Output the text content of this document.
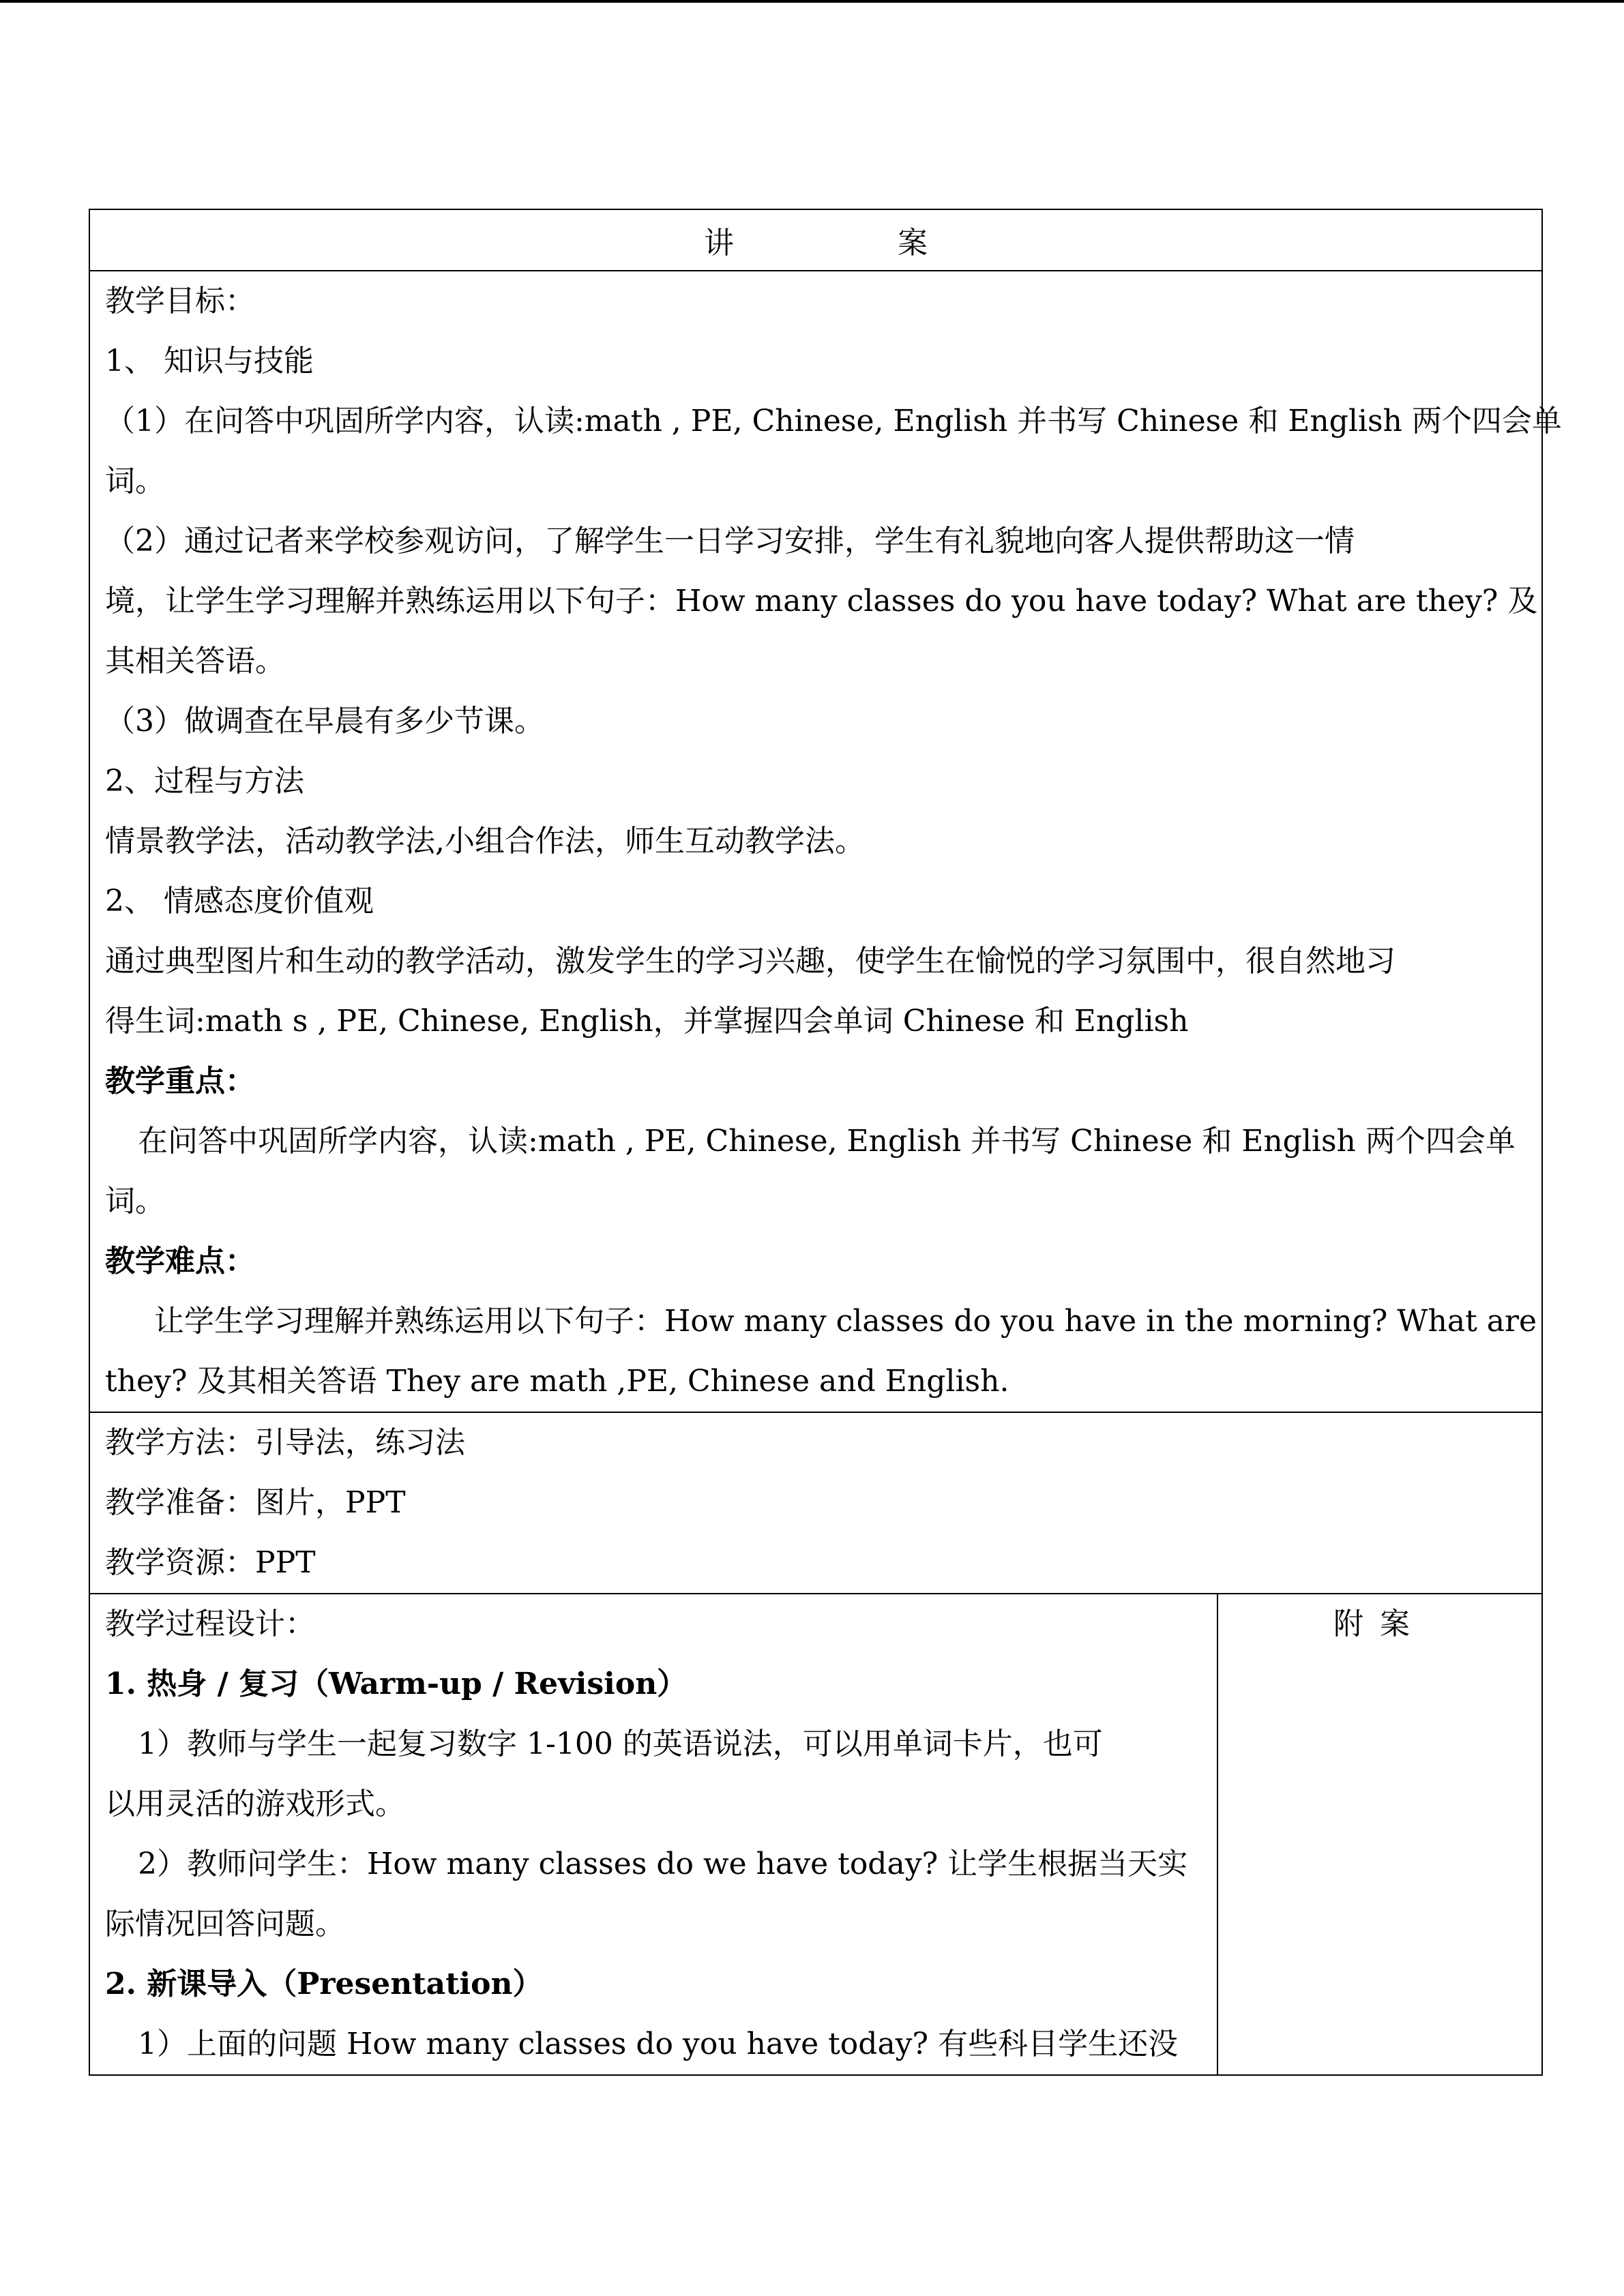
讲	案

教学目标：
1、 知识与技能
（1）在问答中巩固所学内容，认读:math , PE, Chinese, English 并书写 Chinese 和 English 两个四会单
词。
（2）通过记者来学校参观访问，了解学生一日学习安排，学生有礼貌地向客人提供帮助这一情
境，让学生学习理解并熟练运用以下句子：How many classes do you have today? What are they? 及
其相关答语。
（3）做调查在早晨有多少节课。
2、过程与方法
情景教学法，活动教学法,小组合作法，师生互动教学法。
2、 情感态度价值观
通过典型图片和生动的教学活动，激发学生的学习兴趣，使学生在愉悦的学习氛围中，很自然地习
得生词:math s , PE, Chinese, English，并掌握四会单词 Chinese 和 English
教学重点：
在问答中巩固所学内容，认读:math , PE, Chinese, English 并书写 Chinese 和 English 两个四会单
词。
教学难点：
让学生学习理解并熟练运用以下句子：How many classes do you have in the morning? What are
they? 及其相关答语 They are math ,PE, Chinese and English.

教学方法：引导法，练习法
教学准备：图片，PPT
教学资源：PPT

教学过程设计：
1. 热身 / 复习（Warm-up / Revision）
1）教师与学生一起复习数字 1-100 的英语说法，可以用单词卡片，也可
以用灵活的游戏形式。
2）教师问学生：How many classes do we have today? 让学生根据当天实
际情况回答问题。
2. 新课导入（Presentation）
1）上面的问题 How many classes do you have today? 有些科目学生还没

附案
